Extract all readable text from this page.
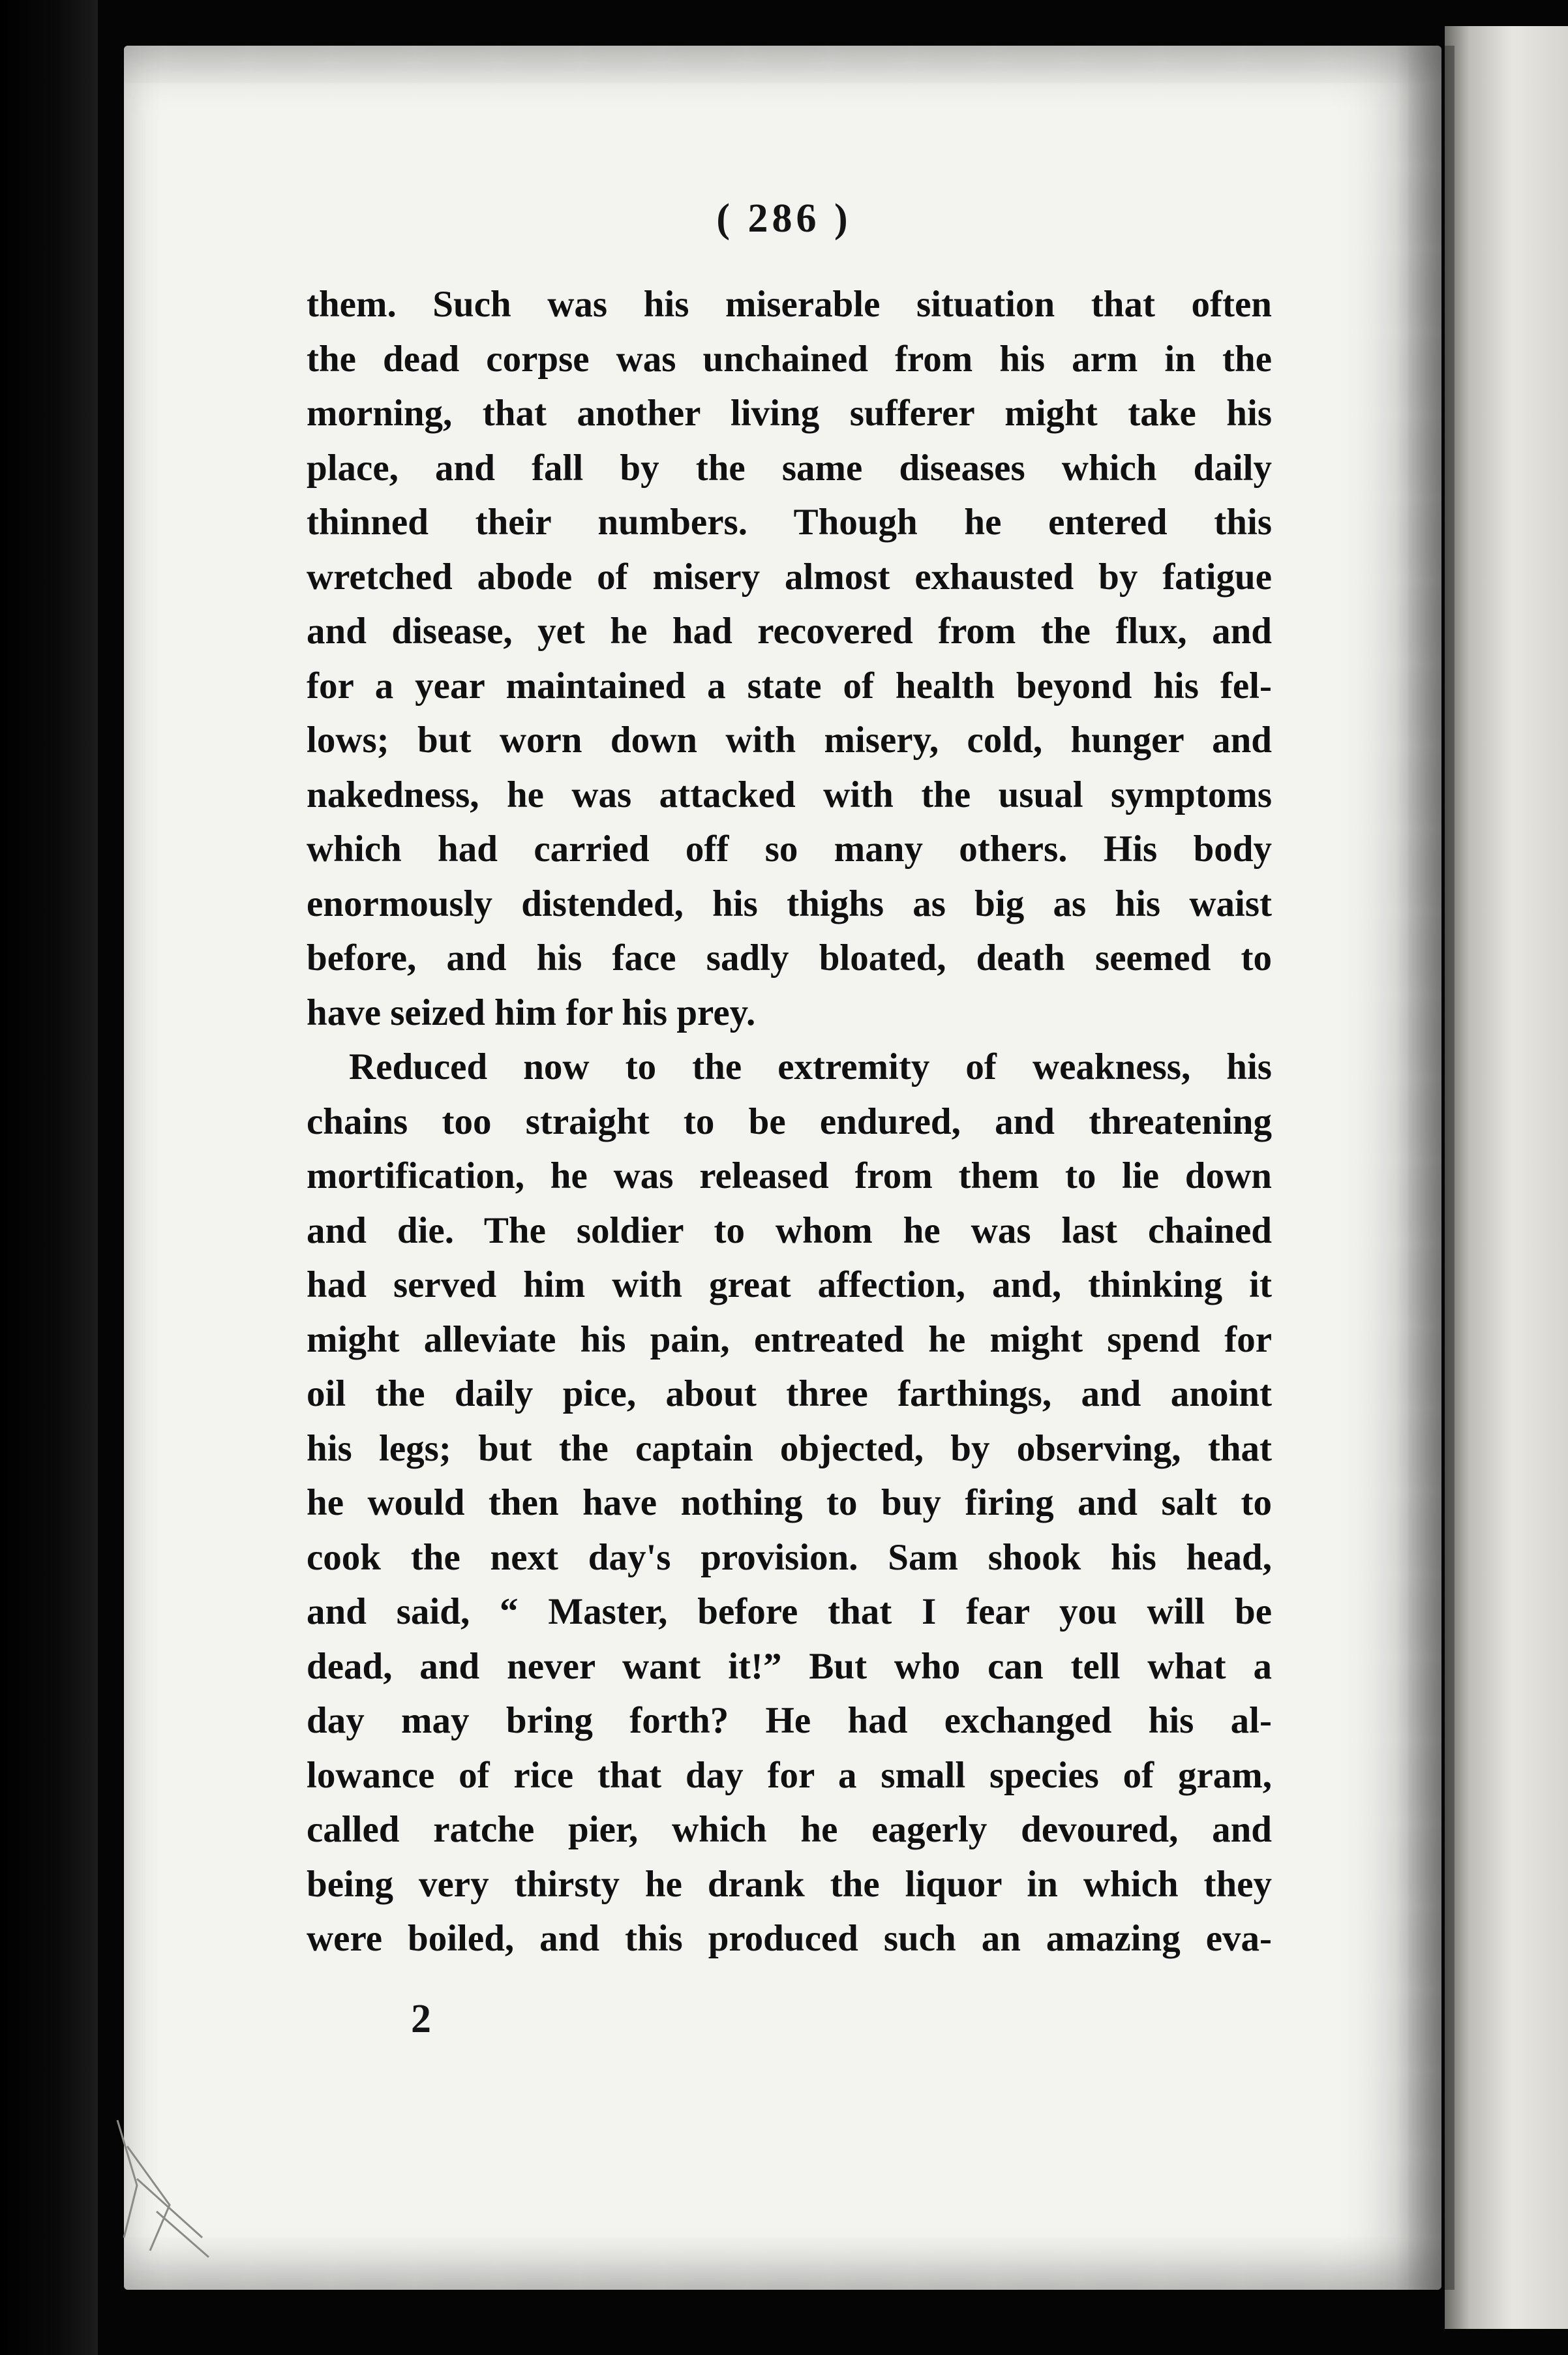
( 286 )
them. Such was his miserable situation that often
the dead corpse was unchained from his arm in the
morning, that another living sufferer might take his
place, and fall by the same diseases which daily
thinned their numbers. Though he entered this
wretched abode of misery almost exhausted by fatigue
and disease, yet he had recovered from the flux, and
for a year maintained a state of health beyond his fel-
lows; but worn down with misery, cold, hunger and
nakedness, he was attacked with the usual symptoms
which had carried off so many others. His body
enormously distended, his thighs as big as his waist
before, and his face sadly bloated, death seemed to
have seized him for his prey.
Reduced now to the extremity of weakness, his
chains too straight to be endured, and threatening
mortification, he was released from them to lie down
and die. The soldier to whom he was last chained
had served him with great affection, and, thinking it
might alleviate his pain, entreated he might spend for
oil the daily pice, about three farthings, and anoint
his legs; but the captain objected, by observing, that
he would then have nothing to buy firing and salt to
cook the next day's provision. Sam shook his head,
and said, “ Master, before that I fear you will be
dead, and never want it!” But who can tell what a
day may bring forth? He had exchanged his al-
lowance of rice that day for a small species of gram,
called ratche pier, which he eagerly devoured, and
being very thirsty he drank the liquor in which they
were boiled, and this produced such an amazing eva-
2
